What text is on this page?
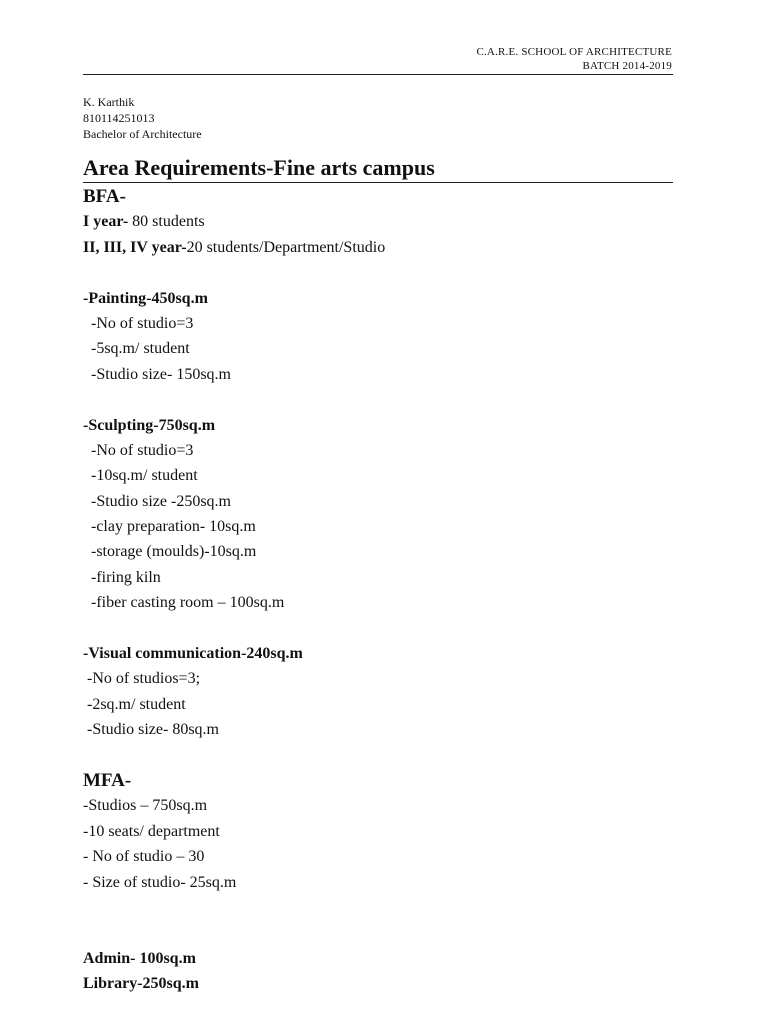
C.A.R.E. SCHOOL OF ARCHITECTURE
BATCH 2014-2019
K. Karthik
810114251013
Bachelor of Architecture
Area Requirements-Fine arts campus
BFA-
I year- 80 students
II, III, IV year-20 students/Department/Studio
-Painting-450sq.m
-No of studio=3
-5sq.m/ student
-Studio size- 150sq.m
-Sculpting-750sq.m
-No of studio=3
-10sq.m/ student
-Studio size -250sq.m
-clay preparation- 10sq.m
-storage (moulds)-10sq.m
-firing kiln
-fiber casting room – 100sq.m
-Visual communication-240sq.m
-No of studios=3;
-2sq.m/ student
-Studio size- 80sq.m
MFA-
-Studios – 750sq.m
-10 seats/ department
- No of studio – 30
- Size of studio- 25sq.m
Admin- 100sq.m
Library-250sq.m
